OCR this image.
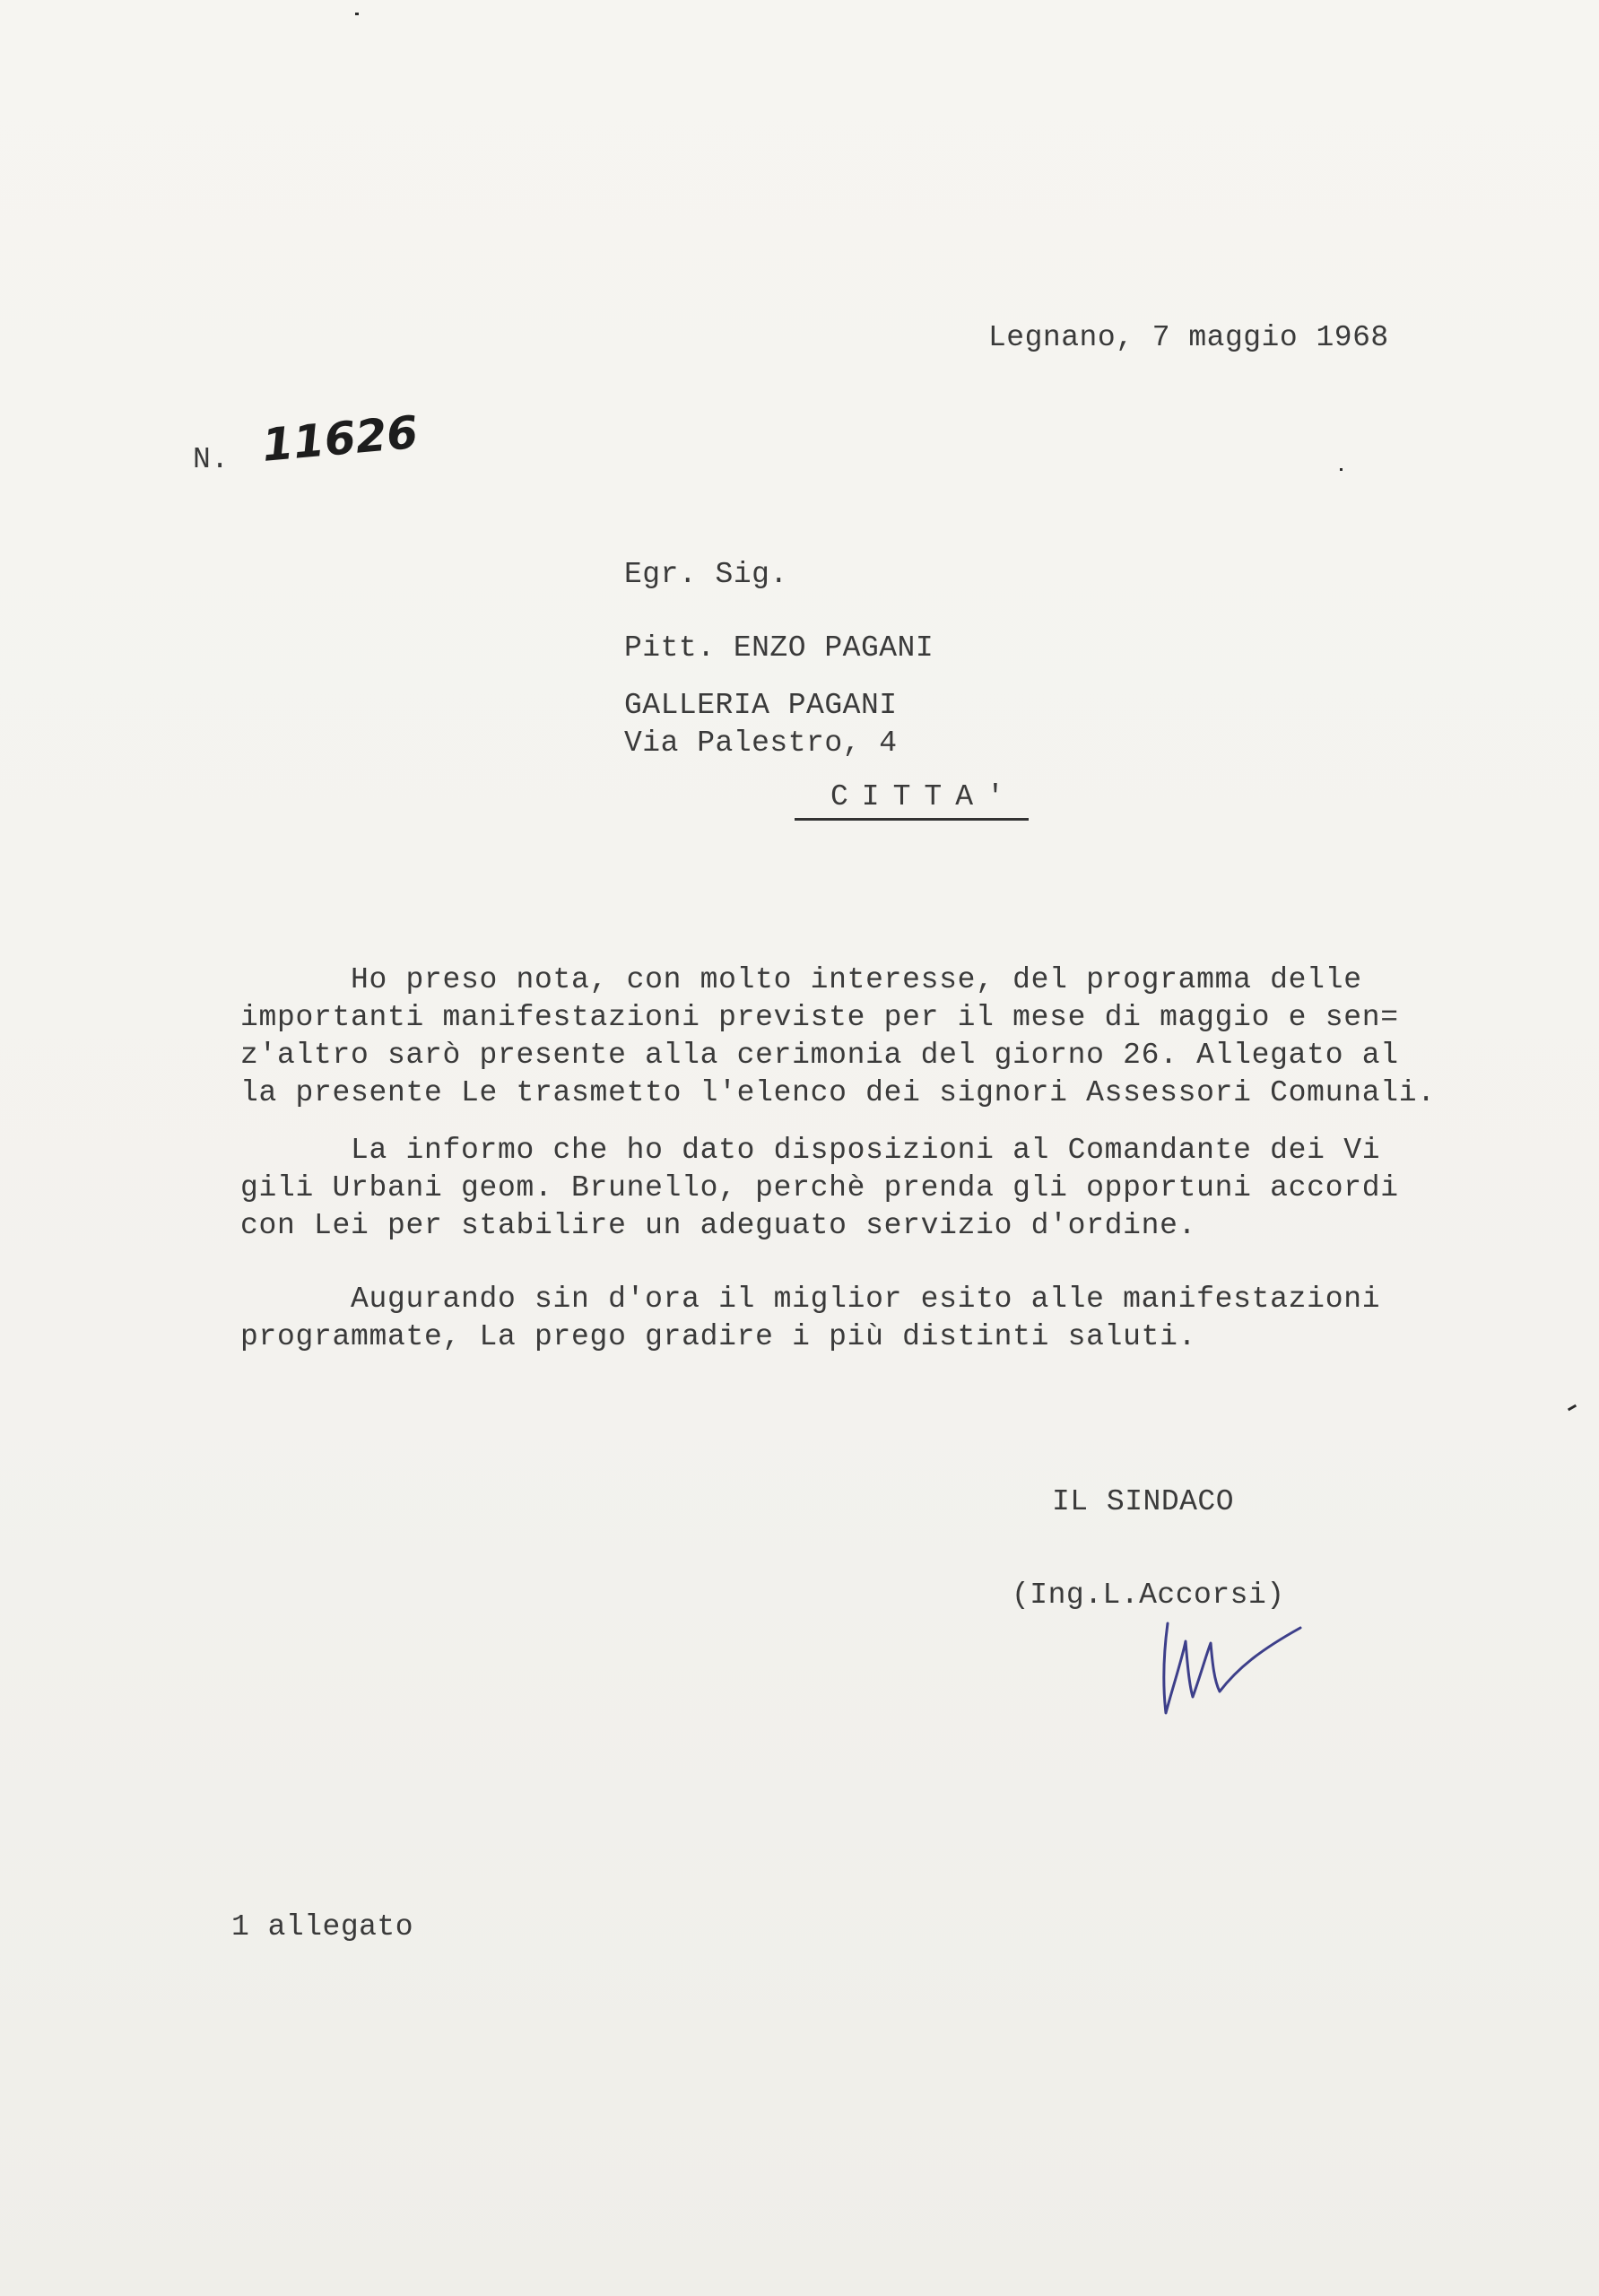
Legnano, 7 maggio 1968
N. 11626
Egr. Sig.
Pitt. ENZO PAGANI
GALLERIA PAGANI
Via Palestro, 4
CITTA'
Ho preso nota, con molto interesse, del programma delle
importanti manifestazioni previste per il mese di maggio e sen=
z'altro sarò presente alla cerimonia del giorno 26. Allegato al
la presente Le trasmetto l'elenco dei signori Assessori Comunali.
La informo che ho dato disposizioni al Comandante dei Vi
gili Urbani geom. Brunello, perchè prenda gli opportuni accordi
con Lei per stabilire un adeguato servizio d'ordine.
Augurando sin d'ora il miglior esito alle manifestazioni
programmate, La prego gradire i più distinti saluti.
IL SINDACO
(Ing.L.Accorsi)
1 allegato
